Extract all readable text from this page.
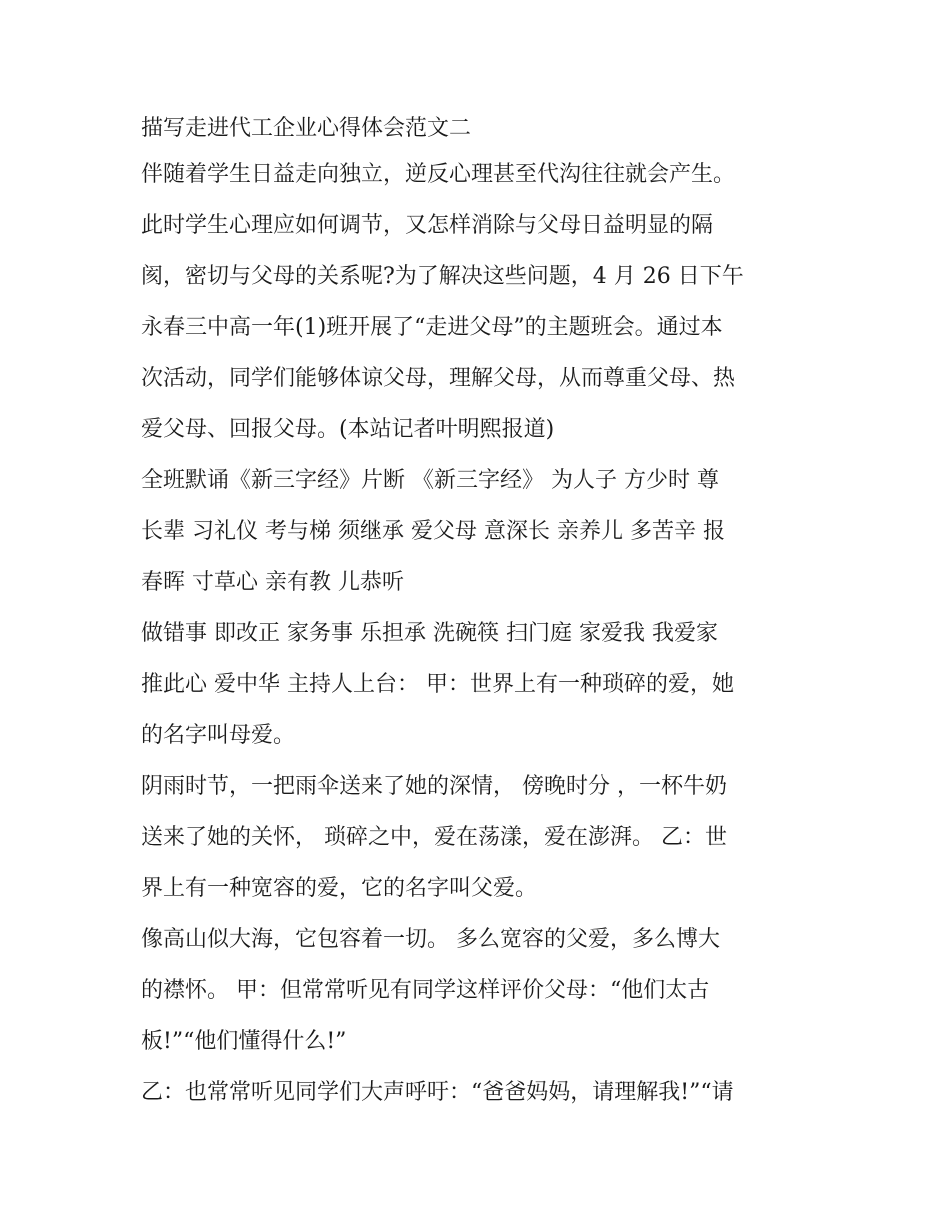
描写走进代工企业心得体会范文二
伴随着学生日益走向独立，逆反心理甚至代沟往往就会产生。
此时学生心理应如何调节，又怎样消除与父母日益明显的隔
阂，密切与父母的关系呢?为了解决这些问题，4 月 26 日下午
永春三中高一年(1)班开展了“走进父母”的主题班会。通过本
次活动，同学们能够体谅父母，理解父母，从而尊重父母、热
爱父母、回报父母。(本站记者叶明熙报道)
全班默诵《新三字经》片断 《新三字经》 为人子 方少时 尊
长辈 习礼仪 考与梯 须继承 爱父母 意深长 亲养儿 多苦辛 报
春晖 寸草心 亲有教 儿恭听
做错事 即改正 家务事 乐担承 洗碗筷 扫门庭 家爱我 我爱家
推此心 爱中华 主持人上台： 甲：世界上有一种琐碎的爱，她
的名字叫母爱。
阴雨时节，一把雨伞送来了她的深情， 傍晚时分 ，一杯牛奶
送来了她的关怀， 琐碎之中，爱在荡漾，爱在澎湃。 乙：世
界上有一种宽容的爱，它的名字叫父爱。
像高山似大海，它包容着一切。 多么宽容的父爱，多么博大
的襟怀。 甲：但常常听见有同学这样评价父母：“他们太古
板!”“他们懂得什么!”
乙：也常常听见同学们大声呼吁：“爸爸妈妈，请理解我!”“请
